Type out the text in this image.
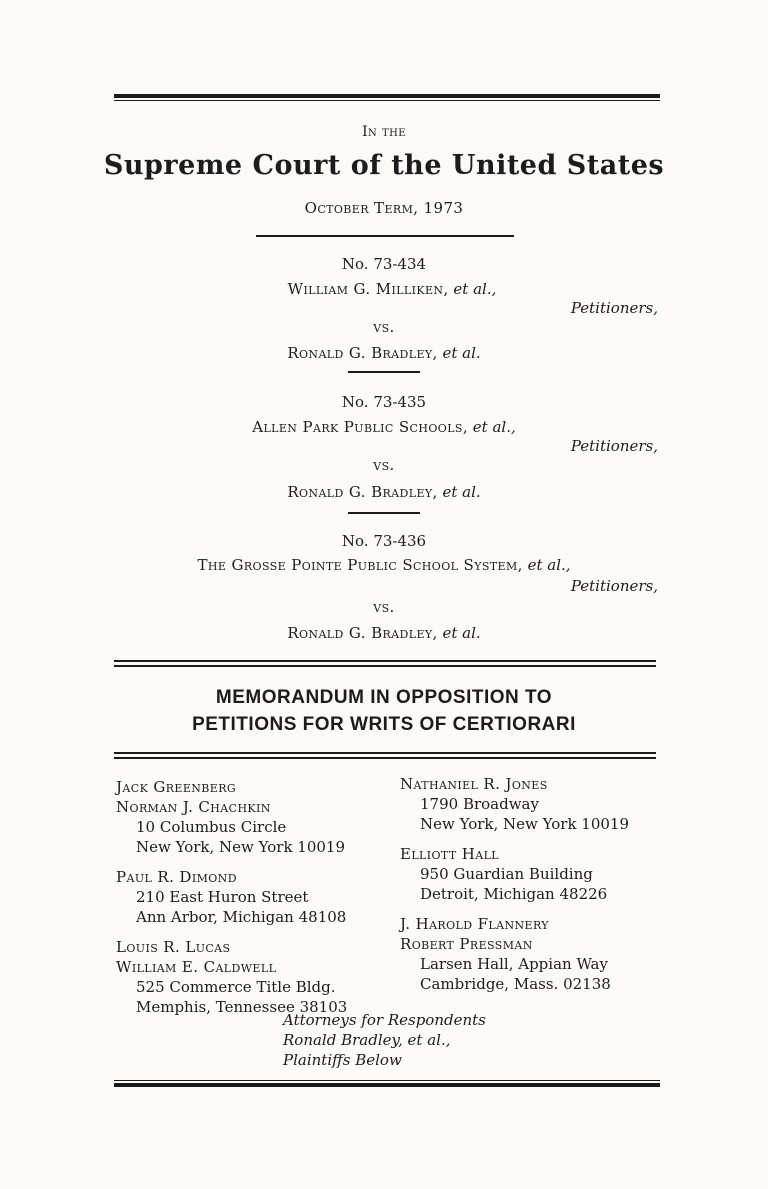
In the
Supreme Court of the United States
October Term, 1973
No. 73-434
William G. Milliken, et al.,
Petitioners,
vs.
Ronald G. Bradley, et al.
No. 73-435
Allen Park Public Schools, et al.,
Petitioners,
vs.
Ronald G. Bradley, et al.
No. 73-436
The Grosse Pointe Public School System, et al.,
Petitioners,
vs.
Ronald G. Bradley, et al.
MEMORANDUM IN OPPOSITION TO
PETITIONS FOR WRITS OF CERTIORARI
Jack Greenberg
Norman J. Chachkin
10 Columbus Circle
New York, New York 10019
Paul R. Dimond
210 East Huron Street
Ann Arbor, Michigan 48108
Louis R. Lucas
William E. Caldwell
525 Commerce Title Bldg.
Memphis, Tennessee 38103
Nathaniel R. Jones
1790 Broadway
New York, New York 10019
Elliott Hall
950 Guardian Building
Detroit, Michigan 48226
J. Harold Flannery
Robert Pressman
Larsen Hall, Appian Way
Cambridge, Mass. 02138
Attorneys for Respondents
Ronald Bradley, et al.,
Plaintiffs Below
